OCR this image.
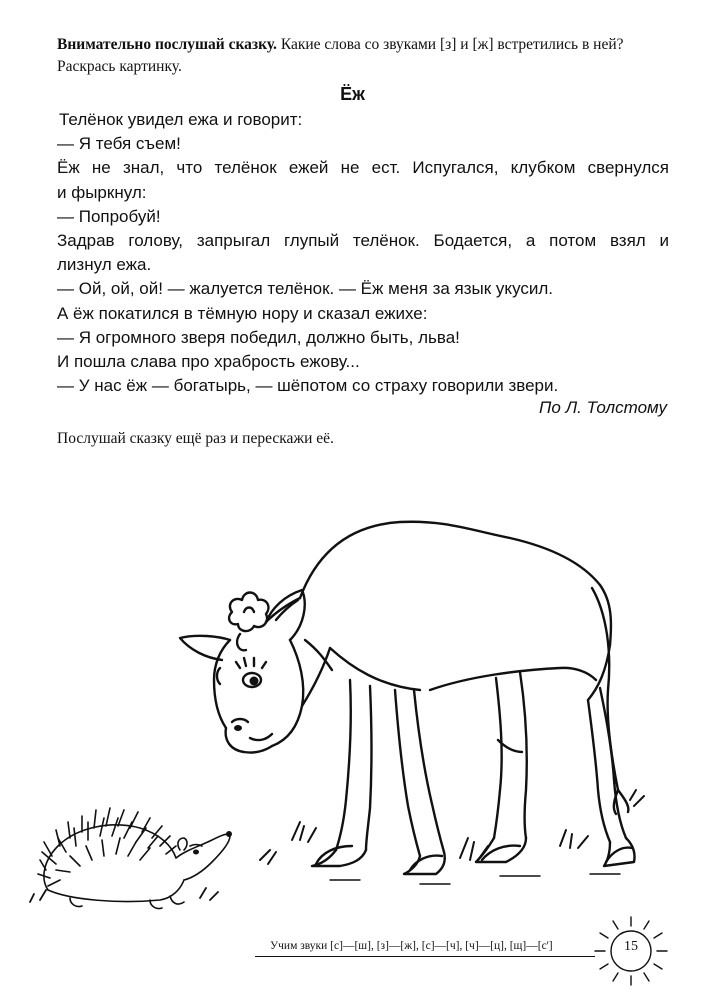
Внимательно послушай сказку. Какие слова со звуками [з] и [ж] встретились в ней? Раскрась картинку.
Ёж
Телёнок увидел ежа и говорит:
— Я тебя съем!
Ёж не знал, что телёнок ежей не ест. Испугался, клубком свернулся
и фыркнул:
— Попробуй!
Задрав голову, запрыгал глупый телёнок. Бодается, а потом взял и
лизнул ежа.
— Ой, ой, ой! — жалуется телёнок. — Ёж меня за язык укусил.
А ёж покатился в тёмную нору и сказал ежихе:
— Я огромного зверя победил, должно быть, льва!
И пошла слава про храбрость ежову...
— У нас ёж — богатырь, — шёпотом со страху говорили звери.
По Л. Толстому
Послушай сказку ещё раз и перескажи её.
Учим звуки [с]—[ш], [з]—[ж], [с]—[ч], [ч]—[ц], [щ]—[с']	15
